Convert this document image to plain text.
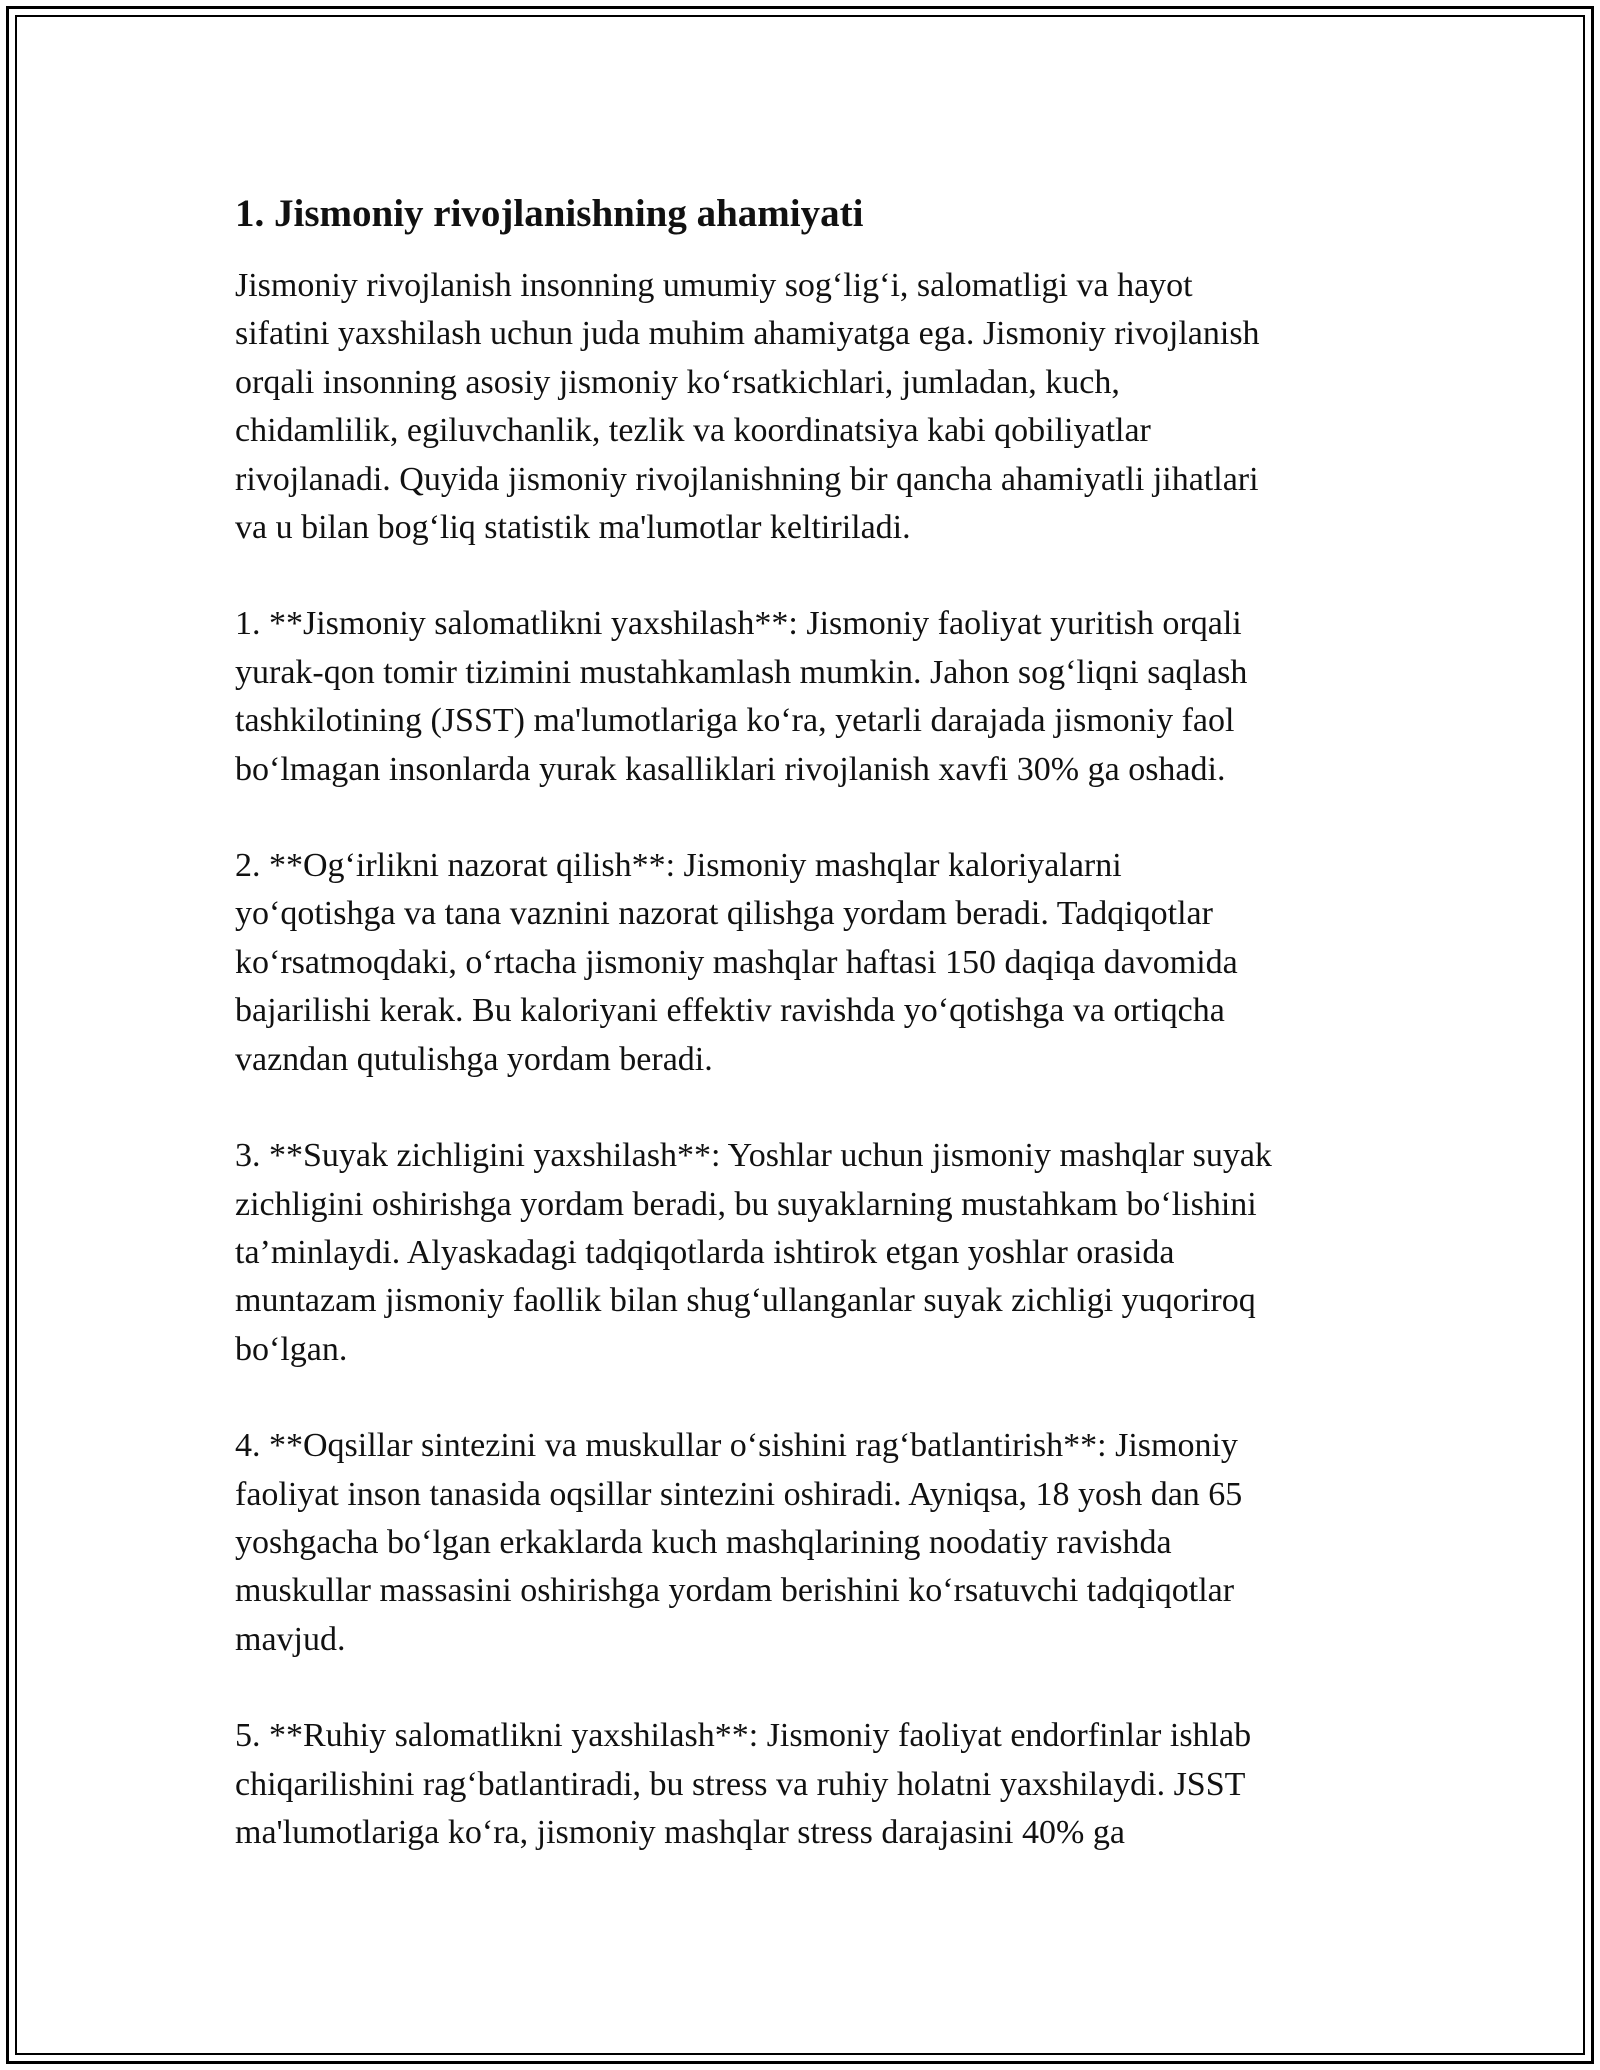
1. Jismoniy rivojlanishning ahamiyati
Jismoniy rivojlanish insonning umumiy sog‘lig‘i, salomatligi va hayot
sifatini yaxshilash uchun juda muhim ahamiyatga ega. Jismoniy rivojlanish
orqali insonning asosiy jismoniy ko‘rsatkichlari, jumladan, kuch,
chidamlilik, egiluvchanlik, tezlik va koordinatsiya kabi qobiliyatlar
rivojlanadi. Quyida jismoniy rivojlanishning bir qancha ahamiyatli jihatlari
va u bilan bog‘liq statistik ma'lumotlar keltiriladi.
1. **Jismoniy salomatlikni yaxshilash**: Jismoniy faoliyat yuritish orqali
yurak-qon tomir tizimini mustahkamlash mumkin. Jahon sog‘liqni saqlash
tashkilotining (JSST) ma'lumotlariga ko‘ra, yetarli darajada jismoniy faol
bo‘lmagan insonlarda yurak kasalliklari rivojlanish xavfi 30% ga oshadi.
2. **Og‘irlikni nazorat qilish**: Jismoniy mashqlar kaloriyalarni
yo‘qotishga va tana vaznini nazorat qilishga yordam beradi. Tadqiqotlar
ko‘rsatmoqdaki, o‘rtacha jismoniy mashqlar haftasi 150 daqiqa davomida
bajarilishi kerak. Bu kaloriyani effektiv ravishda yo‘qotishga va ortiqcha
vazndan qutulishga yordam beradi.
3. **Suyak zichligini yaxshilash**: Yoshlar uchun jismoniy mashqlar suyak
zichligini oshirishga yordam beradi, bu suyaklarning mustahkam bo‘lishini
ta’minlaydi. Alyaskadagi tadqiqotlarda ishtirok etgan yoshlar orasida
muntazam jismoniy faollik bilan shug‘ullanganlar suyak zichligi yuqoriroq
bo‘lgan.
4. **Oqsillar sintezini va muskullar o‘sishini rag‘batlantirish**: Jismoniy
faoliyat inson tanasida oqsillar sintezini oshiradi. Ayniqsa, 18 yosh dan 65
yoshgacha bo‘lgan erkaklarda kuch mashqlarining noodatiy ravishda
muskullar massasini oshirishga yordam berishini ko‘rsatuvchi tadqiqotlar
mavjud.
5. **Ruhiy salomatlikni yaxshilash**: Jismoniy faoliyat endorfinlar ishlab
chiqarilishini rag‘batlantiradi, bu stress va ruhiy holatni yaxshilaydi. JSST
ma'lumotlariga ko‘ra, jismoniy mashqlar stress darajasini 40% ga
